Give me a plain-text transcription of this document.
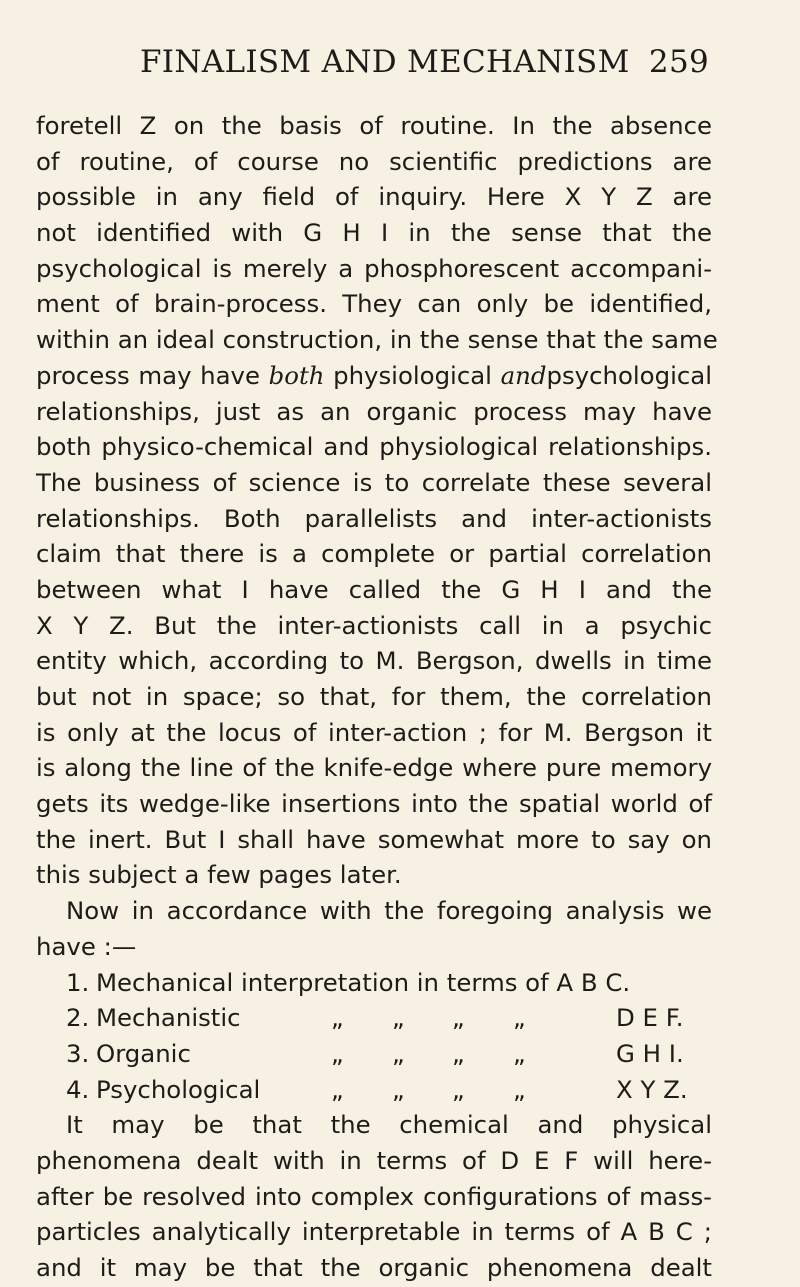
FINALISM AND MECHANISM 259
foretell Z on the basis of routine. In the absence
of routine, of course no scientific predictions are
possible in any field of inquiry. Here X Y Z are
not identified with G H I in the sense that the
psychological is merely a phosphorescent accompani-
ment of brain-process. They can only be identified,
within an ideal construction, in the sense that the same
process may have both physiological andpsychological
relationships, just as an organic process may have
both physico-chemical and physiological relationships.
The business of science is to correlate these several
relationships. Both parallelists and inter-actionists
claim that there is a complete or partial correlation
between what I have called the G H I and the
X Y Z. But the inter-actionists call in a psychic
entity which, according to M. Bergson, dwells in time
but not in space; so that, for them, the correlation
is only at the locus of inter-action ; for M. Bergson it
is along the line of the knife-edge where pure memory
gets its wedge-like insertions into the spatial world of
the inert. But I shall have somewhat more to say on
this subject a few pages later.
Now in accordance with the foregoing analysis we
have :—
1. Mechanical interpretation in terms of A B C.
2. Mechanistic	„ „ „ „	D E F.
3. Organic	„ „ „ „	G H I.
4. Psychological	„ „ „ „	X Y Z.
It may be that the chemical and physical
phenomena dealt with in terms of D E F will here-
after be resolved into complex configurations of mass-
particles analytically interpretable in terms of A B C ;
and it may be that the organic phenomena dealt
